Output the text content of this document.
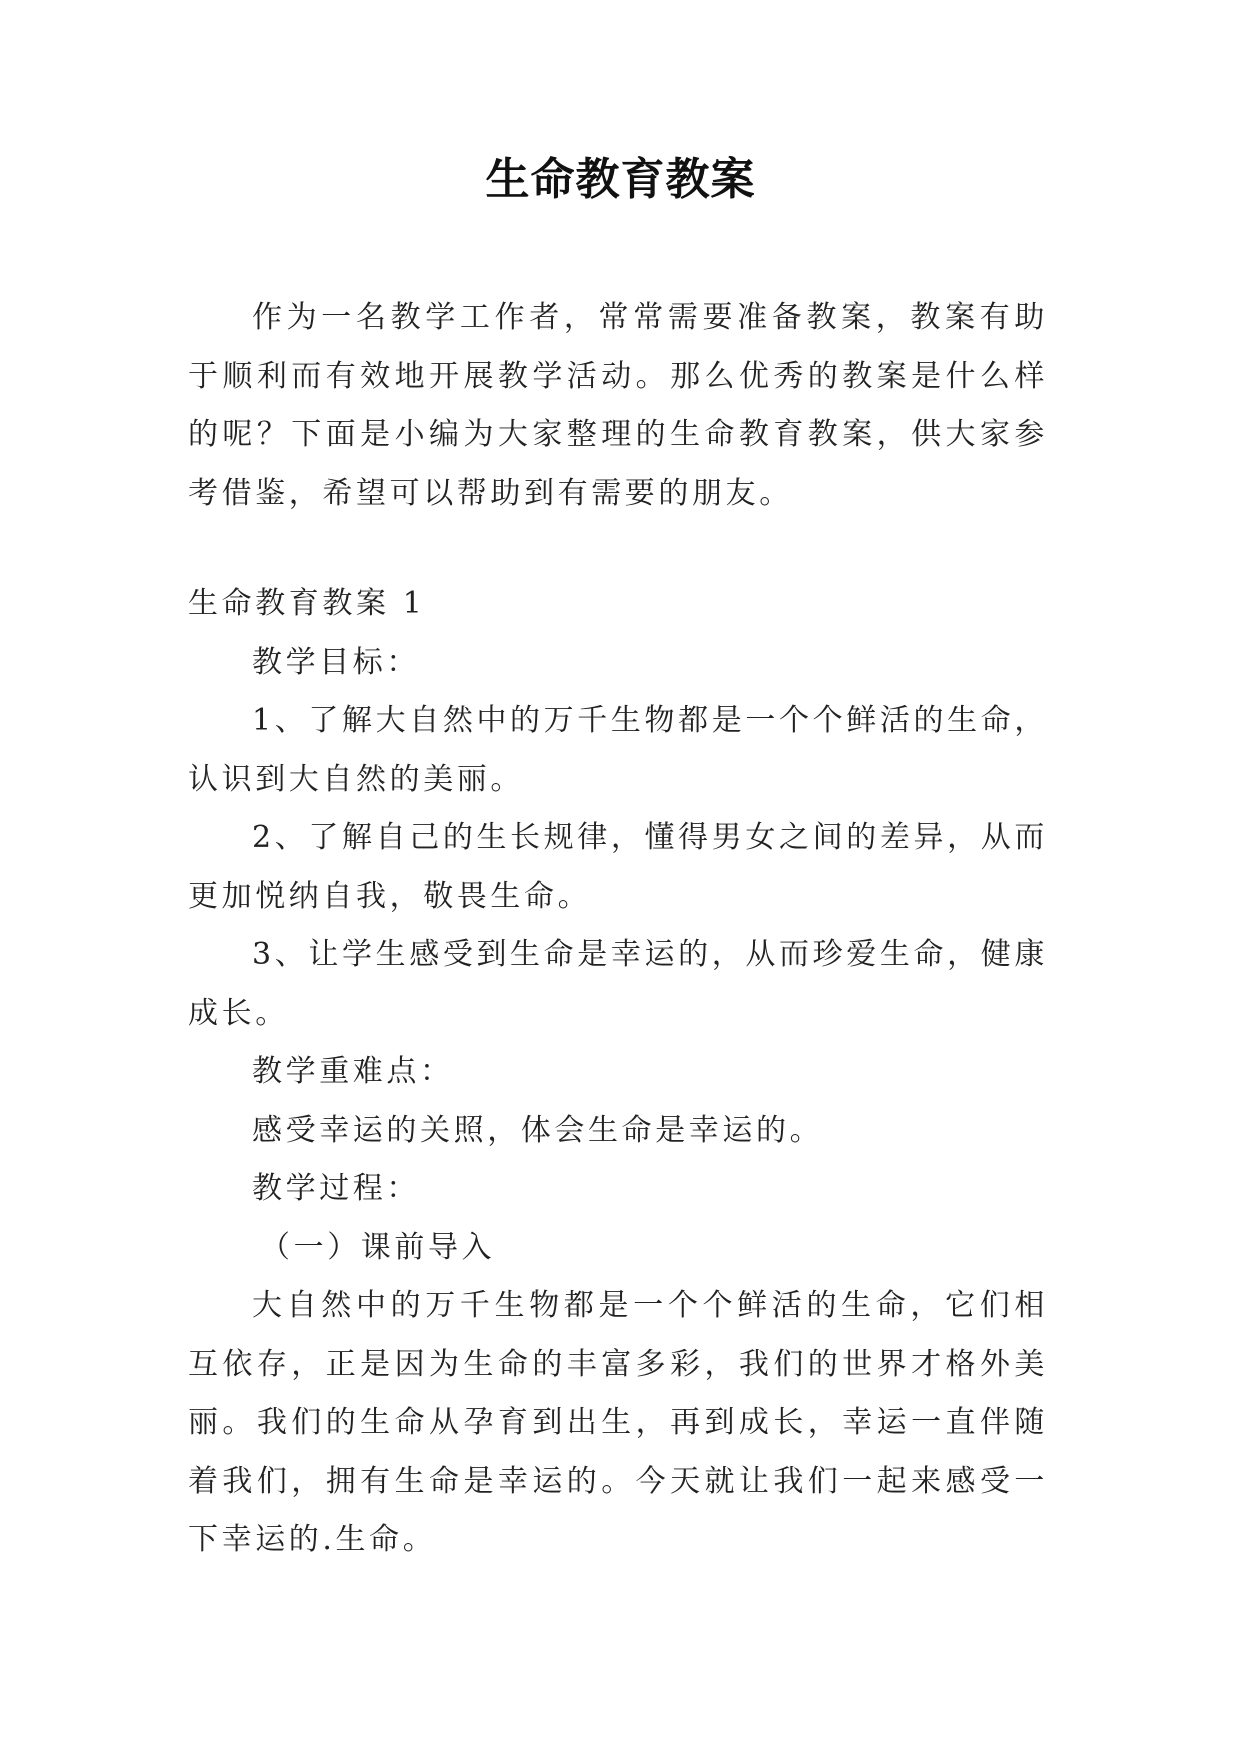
生命教育教案

作为一名教学工作者，常常需要准备教案，教案有助于顺利而有效地开展教学活动。那么优秀的教案是什么样的呢？下面是小编为大家整理的生命教育教案，供大家参考借鉴，希望可以帮助到有需要的朋友。

生命教育教案 1

教学目标：

1、了解大自然中的万千生物都是一个个鲜活的生命，认识到大自然的美丽。

2、了解自己的生长规律，懂得男女之间的差异，从而更加悦纳自我，敬畏生命。

3、让学生感受到生命是幸运的，从而珍爱生命，健康成长。

教学重难点：

感受幸运的关照，体会生命是幸运的。

教学过程：

（一）课前导入

大自然中的万千生物都是一个个鲜活的生命，它们相互依存，正是因为生命的丰富多彩，我们的世界才格外美丽。我们的生命从孕育到出生，再到成长，幸运一直伴随着我们，拥有生命是幸运的。今天就让我们一起来感受一下幸运的.生命。
